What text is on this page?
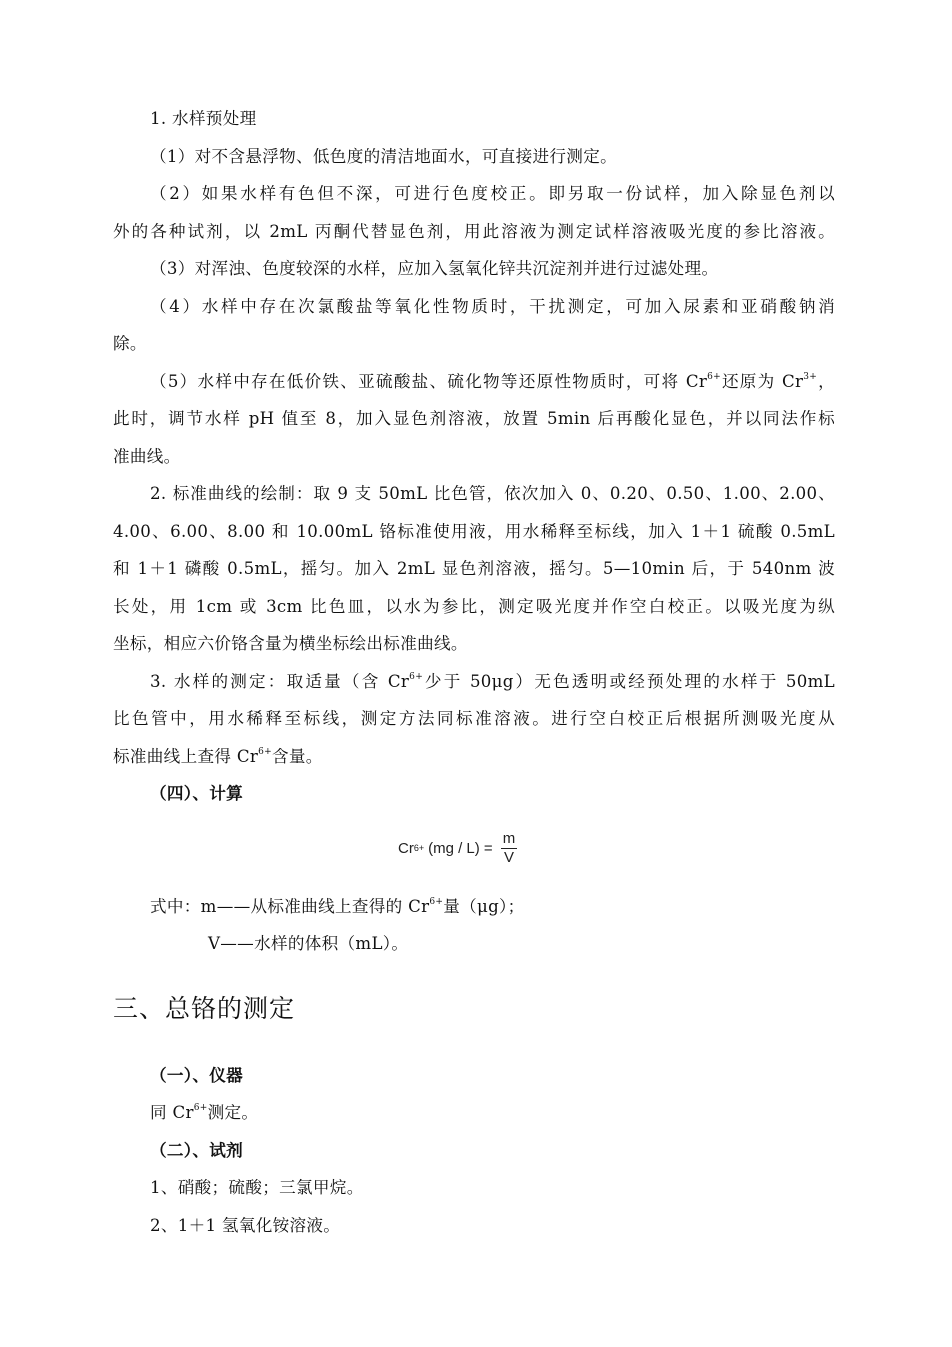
1. 水样预处理
（1）对不含悬浮物、低色度的清洁地面水，可直接进行测定。
（2）如果水样有色但不深，可进行色度校正。即另取一份试样，加入除显色剂以
外的各种试剂，以 2mL 丙酮代替显色剂，用此溶液为测定试样溶液吸光度的参比溶液。
（3）对浑浊、色度较深的水样，应加入氢氧化锌共沉淀剂并进行过滤处理。
（4）水样中存在次氯酸盐等氧化性物质时，干扰测定，可加入尿素和亚硝酸钠消
除。
（5）水样中存在低价铁、亚硫酸盐、硫化物等还原性物质时，可将 $Cr^{6+}$还原为 $Cr^{3+}$，
此时，调节水样 pH 值至 8，加入显色剂溶液，放置 5min 后再酸化显色，并以同法作标
准曲线。
2. 标准曲线的绘制：取 9 支 50mL 比色管，依次加入 0、0.20、0.50、1.00、2.00、
4.00、6.00、8.00 和 10.00mL 铬标准使用液，用水稀释至标线，加入 1＋1 硫酸 0.5mL
和 1＋1 磷酸 0.5mL，摇匀。加入 2mL 显色剂溶液，摇匀。5—10min 后，于 540nm 波
长处，用 1cm 或 3cm 比色皿，以水为参比，测定吸光度并作空白校正。以吸光度为纵
坐标，相应六价铬含量为横坐标绘出标准曲线。
3. 水样的测定：取适量（含 $Cr^{6+}$少于 50μg）无色透明或经预处理的水样于 50mL
比色管中，用水稀释至标线，测定方法同标准溶液。进行空白校正后根据所测吸光度从
标准曲线上查得 $Cr^{6+}$含量。
（四）、计算
Cr $6+ (mg / L) = \frac{m}{V}$
式中：m——从标准曲线上查得的 $Cr^{6+}$量（μg）；
V——水样的体积（mL）。
三、总铬的测定
（一）、仪器
同 $Cr^{6+}$测定。
（二）、试剂
1、硝酸；硫酸；三氯甲烷。
2、1＋1 氢氧化铵溶液。
